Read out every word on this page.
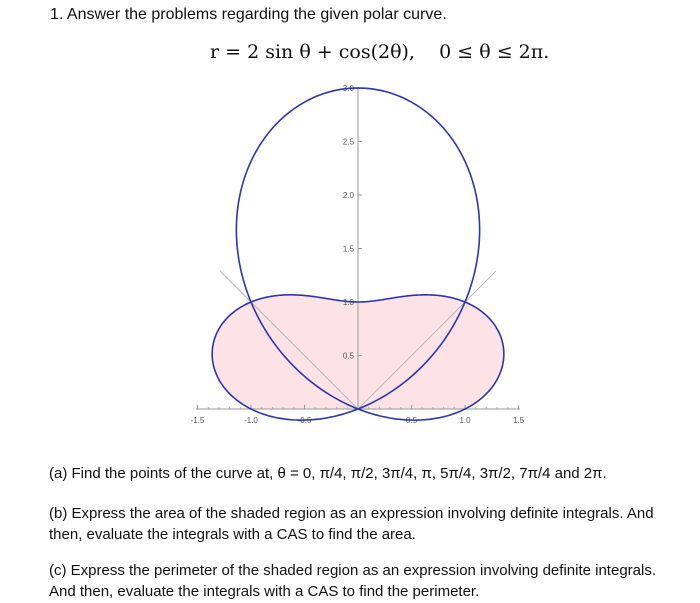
1. Answer the problems regarding the given polar curve.
r = 2 sin θ + cos(2θ),    0 ≤ θ ≤ 2π.
-1.5	-1.0	-0.5	0.5	1.0	1.5
0.5
1.0
1.5
2.0
2.5
3.0
(a) Find the points of the curve at, θ = 0, π/4, π/2, 3π/4, π, 5π/4, 3π/2, 7π/4 and 2π.
(b) Express the area of the shaded region as an expression involving definite integrals. And then, evaluate the integrals with a CAS to find the area.
(c) Express the perimeter of the shaded region as an expression involving definite integrals. And then, evaluate the integrals with a CAS to find the perimeter.
